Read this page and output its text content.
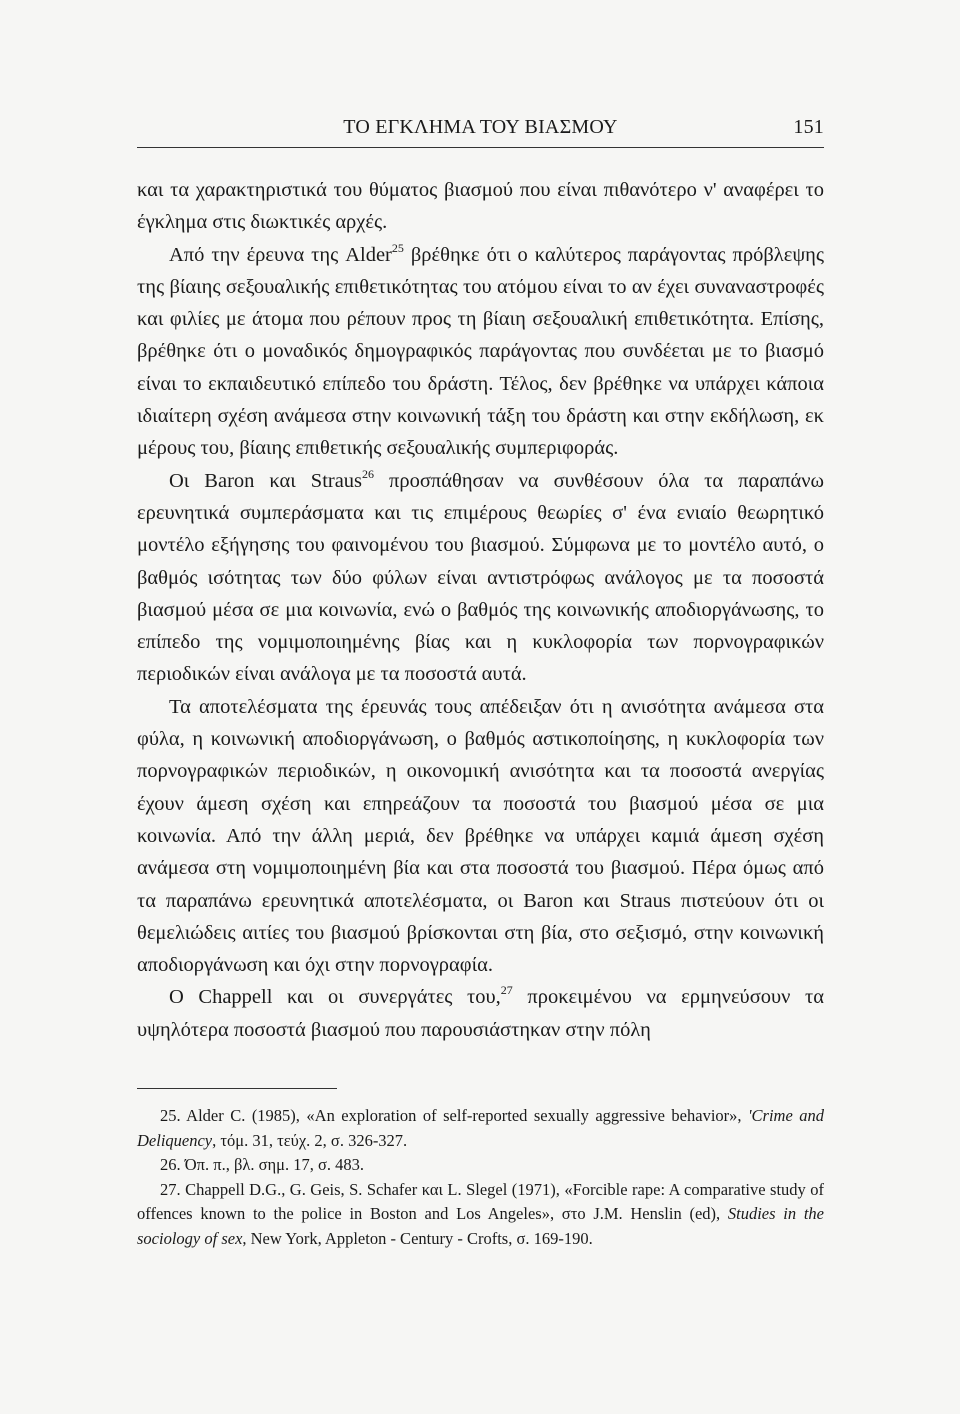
ΤΟ ΕΓΚΛΗΜΑ ΤΟΥ ΒΙΑΣΜΟΥ	151

και τα χαρακτηριστικά του θύματος βιασμού που είναι πιθανότερο ν' αναφέρει το έγκλημα στις διωκτικές αρχές.

Από την έρευνα της Alder$^{25}$ βρέθηκε ότι ο καλύτερος παράγοντας πρόβλεψης της βίαιης σεξουαλικής επιθετικότητας του ατόμου είναι το αν έχει συναναστροφές και φιλίες με άτομα που ρέπουν προς τη βίαιη σεξουαλική επιθετικότητα. Επίσης, βρέθηκε ότι ο μοναδικός δημογραφικός παράγοντας που συνδέεται με το βιασμό είναι το εκπαιδευτικό επίπεδο του δράστη. Τέλος, δεν βρέθηκε να υπάρχει κάποια ιδιαίτερη σχέση ανάμεσα στην κοινωνική τάξη του δράστη και στην εκδήλωση, εκ μέρους του, βίαιης επιθετικής σεξουαλικής συμπεριφοράς.

Οι Baron και Straus$^{26}$ προσπάθησαν να συνθέσουν όλα τα παραπάνω ερευνητικά συμπεράσματα και τις επιμέρους θεωρίες σ' ένα ενιαίο θεωρητικό μοντέλο εξήγησης του φαινομένου του βιασμού. Σύμφωνα με το μοντέλο αυτό, ο βαθμός ισότητας των δύο φύλων είναι αντιστρόφως ανάλογος με τα ποσοστά βιασμού μέσα σε μια κοινωνία, ενώ ο βαθμός της κοινωνικής αποδιοργάνωσης, το επίπεδο της νομιμοποιημένης βίας και η κυκλοφορία των πορνογραφικών περιοδικών είναι ανάλογα με τα ποσοστά αυτά.

Τα αποτελέσματα της έρευνάς τους απέδειξαν ότι η ανισότητα ανάμεσα στα φύλα, η κοινωνική αποδιοργάνωση, ο βαθμός αστικοποίησης, η κυκλοφορία των πορνογραφικών περιοδικών, η οικονομική ανισότητα και τα ποσοστά ανεργίας έχουν άμεση σχέση και επηρεάζουν τα ποσοστά του βιασμού μέσα σε μια κοινωνία. Από την άλλη μεριά, δεν βρέθηκε να υπάρχει καμιά άμεση σχέση ανάμεσα στη νομιμοποιημένη βία και στα ποσοστά του βιασμού. Πέρα όμως από τα παραπάνω ερευνητικά αποτελέσματα, οι Baron και Straus πιστεύουν ότι οι θεμελιώδεις αιτίες του βιασμού βρίσκονται στη βία, στο σεξισμό, στην κοινωνική αποδιοργάνωση και όχι στην πορνογραφία.

Ο Chappell και οι συνεργάτες του,$^{27}$ προκειμένου να ερμηνεύσουν τα υψηλότερα ποσοστά βιασμού που παρουσιάστηκαν στην πόλη

25. Alder C. (1985), «An exploration of self-reported sexually aggressive behavior», 'Crime and Deliquency, τόμ. 31, τεύχ. 2, σ. 326-327.

26. Όπ. π., βλ. σημ. 17, σ. 483.

27. Chappell D.G., G. Geis, S. Schafer και L. Slegel (1971), «Forcible rape: A comparative study of offences known to the police in Boston and Los Angeles», στο J.M. Henslin (ed), Studies in the sociology of sex, New York, Appleton - Century - Crofts, σ. 169-190.
